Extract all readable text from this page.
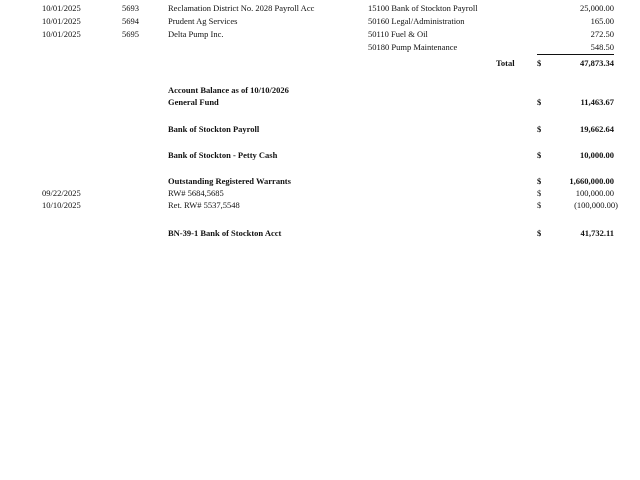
10/01/2025	5693	Reclamation District No. 2028 Payroll Acc	15100 Bank of Stockton Payroll	25,000.00
10/01/2025	5694	Prudent Ag Services	50160 Legal/Administration	165.00
10/01/2025	5695	Delta Pump Inc.	50110 Fuel & Oil	272.50
50180 Pump Maintenance	548.50
Total	$	47,873.34
Account Balance as of 10/10/2026
General Fund	$	11,463.67
Bank of Stockton Payroll	$	19,662.64
Bank of Stockton - Petty Cash	$	10,000.00
Outstanding Registered Warrants	$	1,660,000.00
09/22/2025	RW# 5684,5685	$	100,000.00
10/10/2025	Ret. RW# 5537,5548	$	(100,000.00)
BN-39-1 Bank of Stockton Acct	$	41,732.11
